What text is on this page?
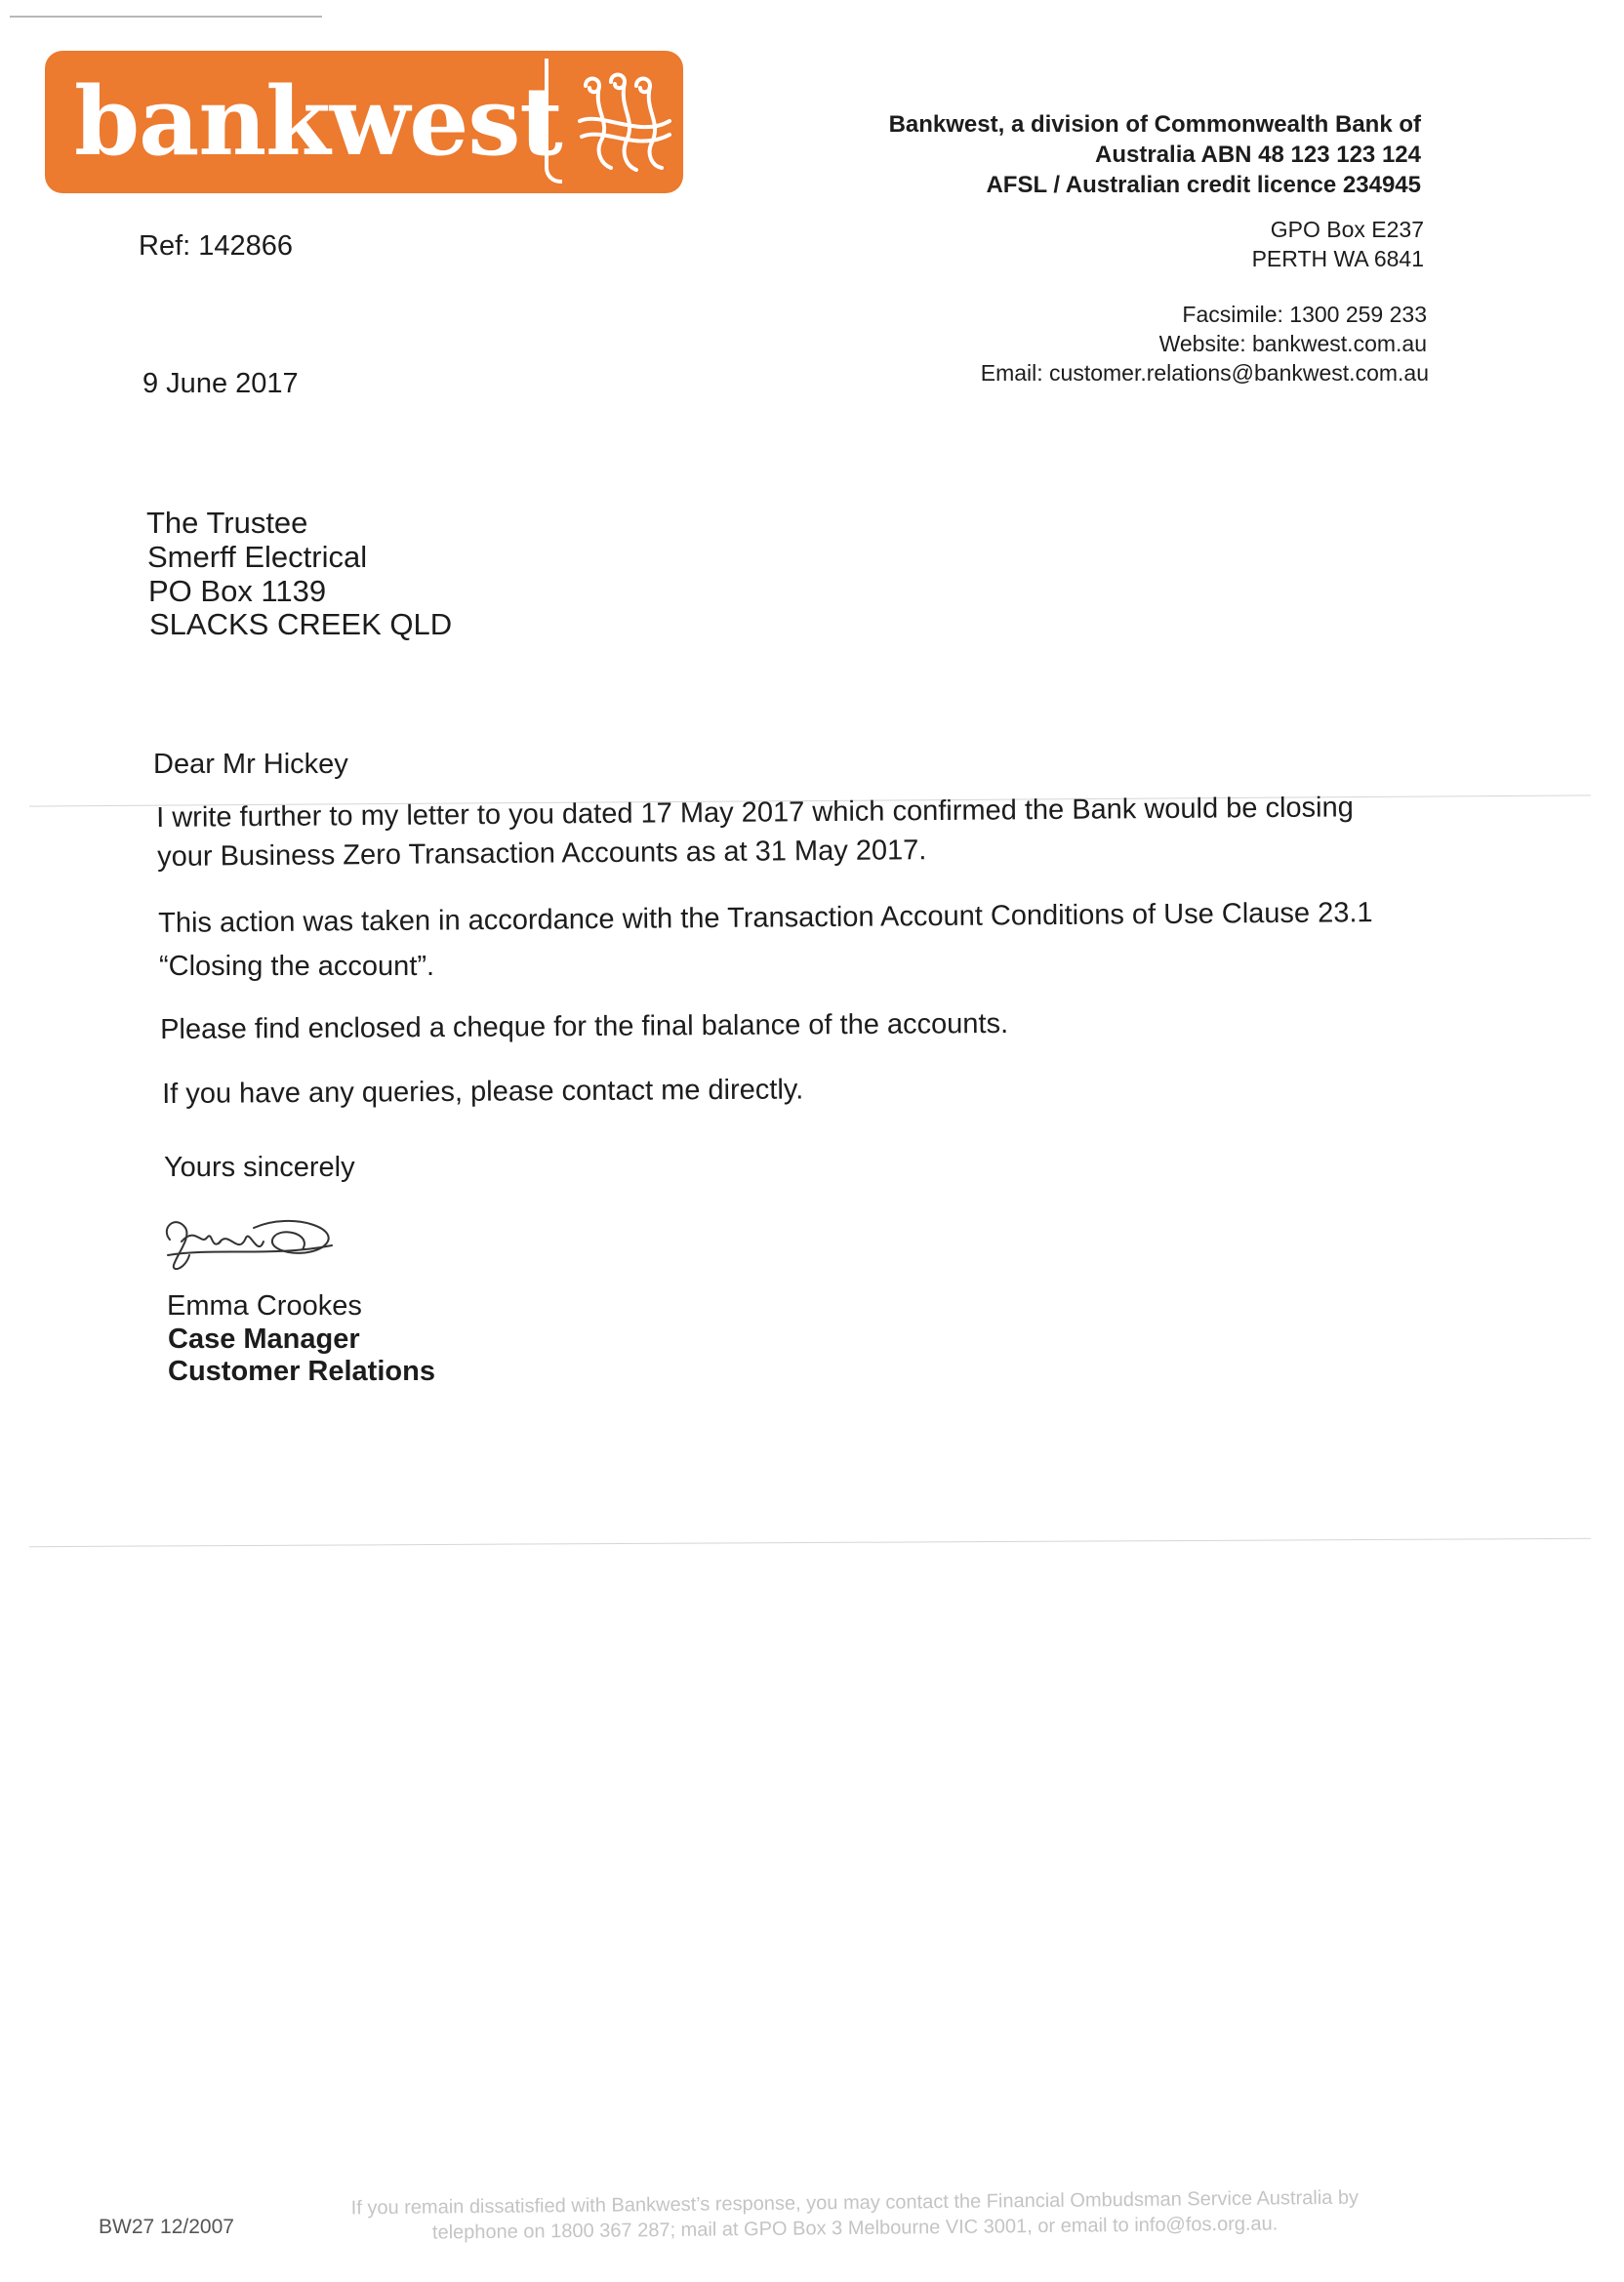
bankwest	Bankwest, a division of Commonwealth Bank of
Australia ABN 48 123 123 124
AFSL / Australian credit licence 234945
GPO Box E237
PERTH WA 6841
Facsimile: 1300 259 233
Website: bankwest.com.au
Email: customer.relations@bankwest.com.au
Ref: 142866
9 June 2017
The Trustee
Smerff Electrical
PO Box 1139
SLACKS CREEK QLD
Dear Mr Hickey
I write further to my letter to you dated 17 May 2017 which confirmed the Bank would be closing
your Business Zero Transaction Accounts as at 31 May 2017.
This action was taken in accordance with the Transaction Account Conditions of Use Clause 23.1
“Closing the account”.
Please find enclosed a cheque for the final balance of the accounts.
If you have any queries, please contact me directly.
Yours sincerely
Emma Crookes
Case Manager
Customer Relations
BW27 12/2007
If you remain dissatisfied with Bankwest’s response, you may contact the Financial Ombudsman Service Australia by
telephone on 1800 367 287; mail at GPO Box 3 Melbourne VIC 3001, or email to info@fos.org.au.
